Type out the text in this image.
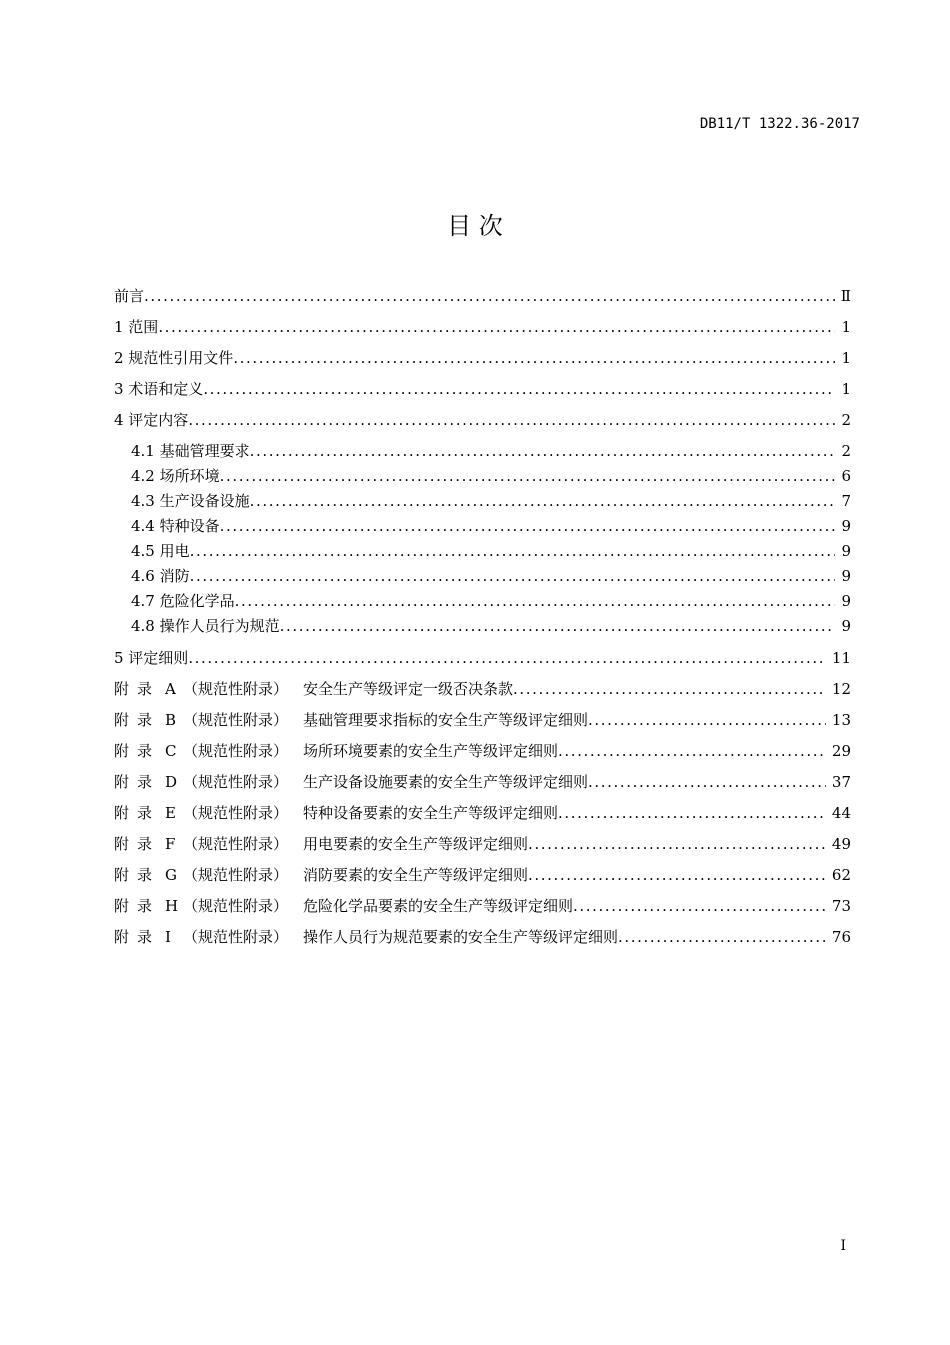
DB11/T 1322.36-2017
目 次
前言 .....	Ⅱ
1 范围 .....	1
2 规范性引用文件 .....	1
3 术语和定义 .....	1
4 评定内容 .....	2
4.1 基础管理要求 .....	2
4.2 场所环境 .....	6
4.3 生产设备设施 .....	7
4.4 特种设备 .....	9
4.5 用电 .....	9
4.6 消防 .....	9
4.7 危险化学品 .....	9
4.8 操作人员行为规范 .....	9
5 评定细则 .....	11
附 录 A （规范性附录） 安全生产等级评定一级否决条款 .....	12
附 录 B （规范性附录） 基础管理要求指标的安全生产等级评定细则 .....	13
附 录 C （规范性附录） 场所环境要素的安全生产等级评定细则 .....	29
附 录 D （规范性附录） 生产设备设施要素的安全生产等级评定细则 .....	37
附 录 E （规范性附录） 特种设备要素的安全生产等级评定细则 .....	44
附 录 F （规范性附录） 用电要素的安全生产等级评定细则 .....	49
附 录 G （规范性附录） 消防要素的安全生产等级评定细则 .....	62
附 录 H （规范性附录） 危险化学品要素的安全生产等级评定细则 .....	73
附 录 I （规范性附录） 操作人员行为规范要素的安全生产等级评定细则 .....	76
I
